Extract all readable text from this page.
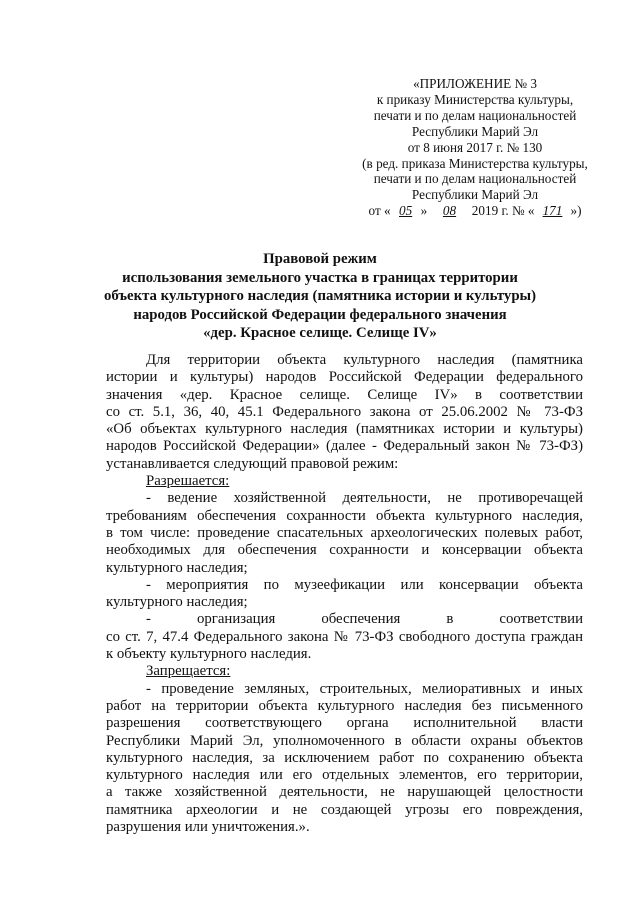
«ПРИЛОЖЕНИЕ № 3
к приказу Министерства культуры,
печати и по делам национальностей
Республики Марий Эл
от 8 июня 2017 г. № 130
(в ред. приказа Министерства культуры,
печати и по делам национальностей
Республики Марий Эл
от « 05 » 08 2019 г. № « 171 »)
Правовой режим
использования земельного участка в границах территории
объекта культурного наследия (памятника истории и культуры)
народов Российской Федерации федерального значения
«дер. Красное селище. Селище IV»
Для территории объекта культурного наследия (памятника
истории и культуры) народов Российской Федерации федерального
значения «дер. Красное селище. Селище IV» в соответствии
со ст. 5.1, 36, 40, 45.1 Федерального закона от 25.06.2002 № 73-ФЗ
«Об объектах культурного наследия (памятниках истории и культуры)
народов Российской Федерации» (далее - Федеральный закон № 73-ФЗ)
устанавливается следующий правовой режим:
Разрешается:
- ведение хозяйственной деятельности, не противоречащей
требованиям обеспечения сохранности объекта культурного наследия,
в том числе: проведение спасательных археологических полевых работ,
необходимых для обеспечения сохранности и консервации объекта
культурного наследия;
- мероприятия по музеефикации или консервации объекта
культурного наследия;
- организация обеспечения в соответствии
со ст. 7, 47.4 Федерального закона № 73-ФЗ свободного доступа граждан
к объекту культурного наследия.
Запрещается:
- проведение земляных, строительных, мелиоративных и иных
работ на территории объекта культурного наследия без письменного
разрешения соответствующего органа исполнительной власти
Республики Марий Эл, уполномоченного в области охраны объектов
культурного наследия, за исключением работ по сохранению объекта
культурного наследия или его отдельных элементов, его территории,
а также хозяйственной деятельности, не нарушающей целостности
памятника археологии и не создающей угрозы его повреждения,
разрушения или уничтожения.».
